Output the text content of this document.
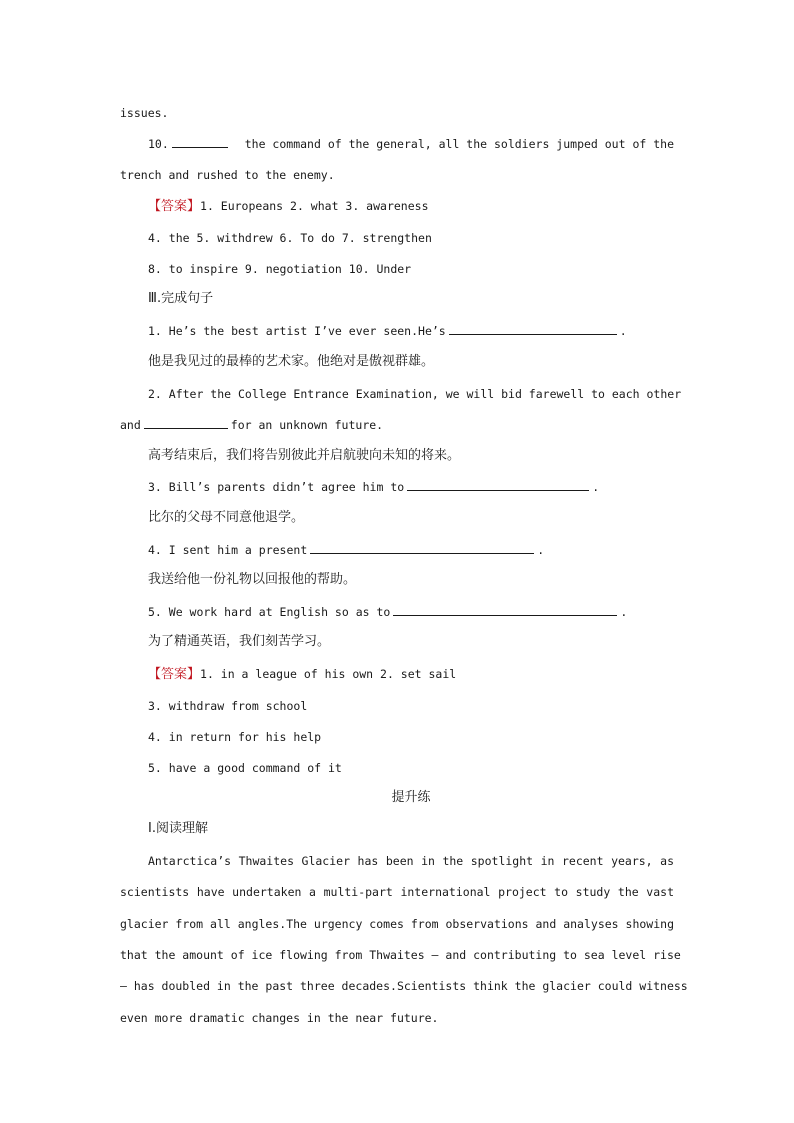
issues.
10.	the command of the general, all the soldiers jumped out of the
trench and rushed to the enemy.
【答案】1. Europeans 2. what 3. awareness
4. the 5. withdrew 6. To do 7. strengthen
8. to inspire 9. negotiation 10. Under
Ⅲ.完成句子
1. He’s the best artist I’ve ever seen.He’s	.
他是我见过的最棒的艺术家。他绝对是傲视群雄。
2. After the College Entrance Examination, we will bid farewell to each other
and	for an unknown future.
高考结束后，我们将告别彼此并启航驶向未知的将来。
3. Bill’s parents didn’t agree him to	.
比尔的父母不同意他退学。
4. I sent him a present	.
我送给他一份礼物以回报他的帮助。
5. We work hard at English so as to	.
为了精通英语，我们刻苦学习。
【答案】1. in a league of his own 2. set sail
3. withdraw from school
4. in return for his help
5. have a good command of it
提升练
Ⅰ.阅读理解
Antarctica’s Thwaites Glacier has been in the spotlight in recent years, as
scientists have undertaken a multi-part international project to study the vast
glacier from all angles.The urgency comes from observations and analyses showing
that the amount of ice flowing from Thwaites — and contributing to sea level rise
— has doubled in the past three decades.Scientists think the glacier could witness
even more dramatic changes in the near future.
